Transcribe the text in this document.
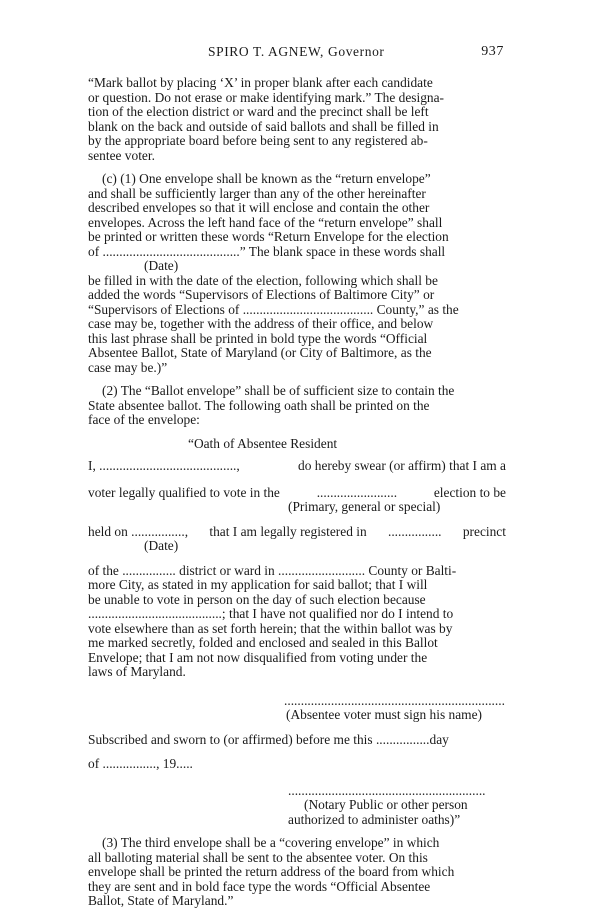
SPIRO T. AGNEW, Governor	937
“Mark ballot by placing ‘X’ in proper blank after each candidate
or question. Do not erase or make identifying mark.” The designa-
tion of the election district or ward and the precinct shall be left
blank on the back and outside of said ballots and shall be filled in
by the appropriate board before being sent to any registered ab-
sentee voter.
(c) (1) One envelope shall be known as the “return envelope”
and shall be sufficiently larger than any of the other hereinafter
described envelopes so that it will enclose and contain the other
envelopes. Across the left hand face of the “return envelope” shall
be printed or written these words “Return Envelope for the election
of .........................................” The blank space in these words shall
(Date)
be filled in with the date of the election, following which shall be
added the words “Supervisors of Elections of Baltimore City” or
“Supervisors of Elections of ....................................... County,” as the
case may be, together with the address of their office, and below
this last phrase shall be printed in bold type the words “Official
Absentee Ballot, State of Maryland (or City of Baltimore, as the
case may be.)”
(2) The “Ballot envelope” shall be of sufficient size to contain the
State absentee ballot. The following oath shall be printed on the
face of the envelope:
“Oath of Absentee Resident
I, .........................................,	do hereby swear (or affirm) that I am a
voter legally qualified to vote in the	........................	election to be
(Primary, general or special)
held on ................, that I am legally registered in ................ precinct
(Date)
of the ................ district or ward in .......................... County or Balti-
more City, as stated in my application for said ballot; that I will
be unable to vote in person on the day of such election because
........................................; that I have not qualified nor do I intend to
vote elsewhere than as set forth herein; that the within ballot was by
me marked secretly, folded and enclosed and sealed in this Ballot
Envelope; that I am not now disqualified from voting under the
laws of Maryland.
..................................................................
(Absentee voter must sign his name)
Subscribed and sworn to (or affirmed) before me this ................day
of ................, 19.....
...........................................................
(Notary Public or other person
authorized to administer oaths)”
(3) The third envelope shall be a “covering envelope” in which
all balloting material shall be sent to the absentee voter. On this
envelope shall be printed the return address of the board from which
they are sent and in bold face type the words “Official Absentee
Ballot, State of Maryland.”
